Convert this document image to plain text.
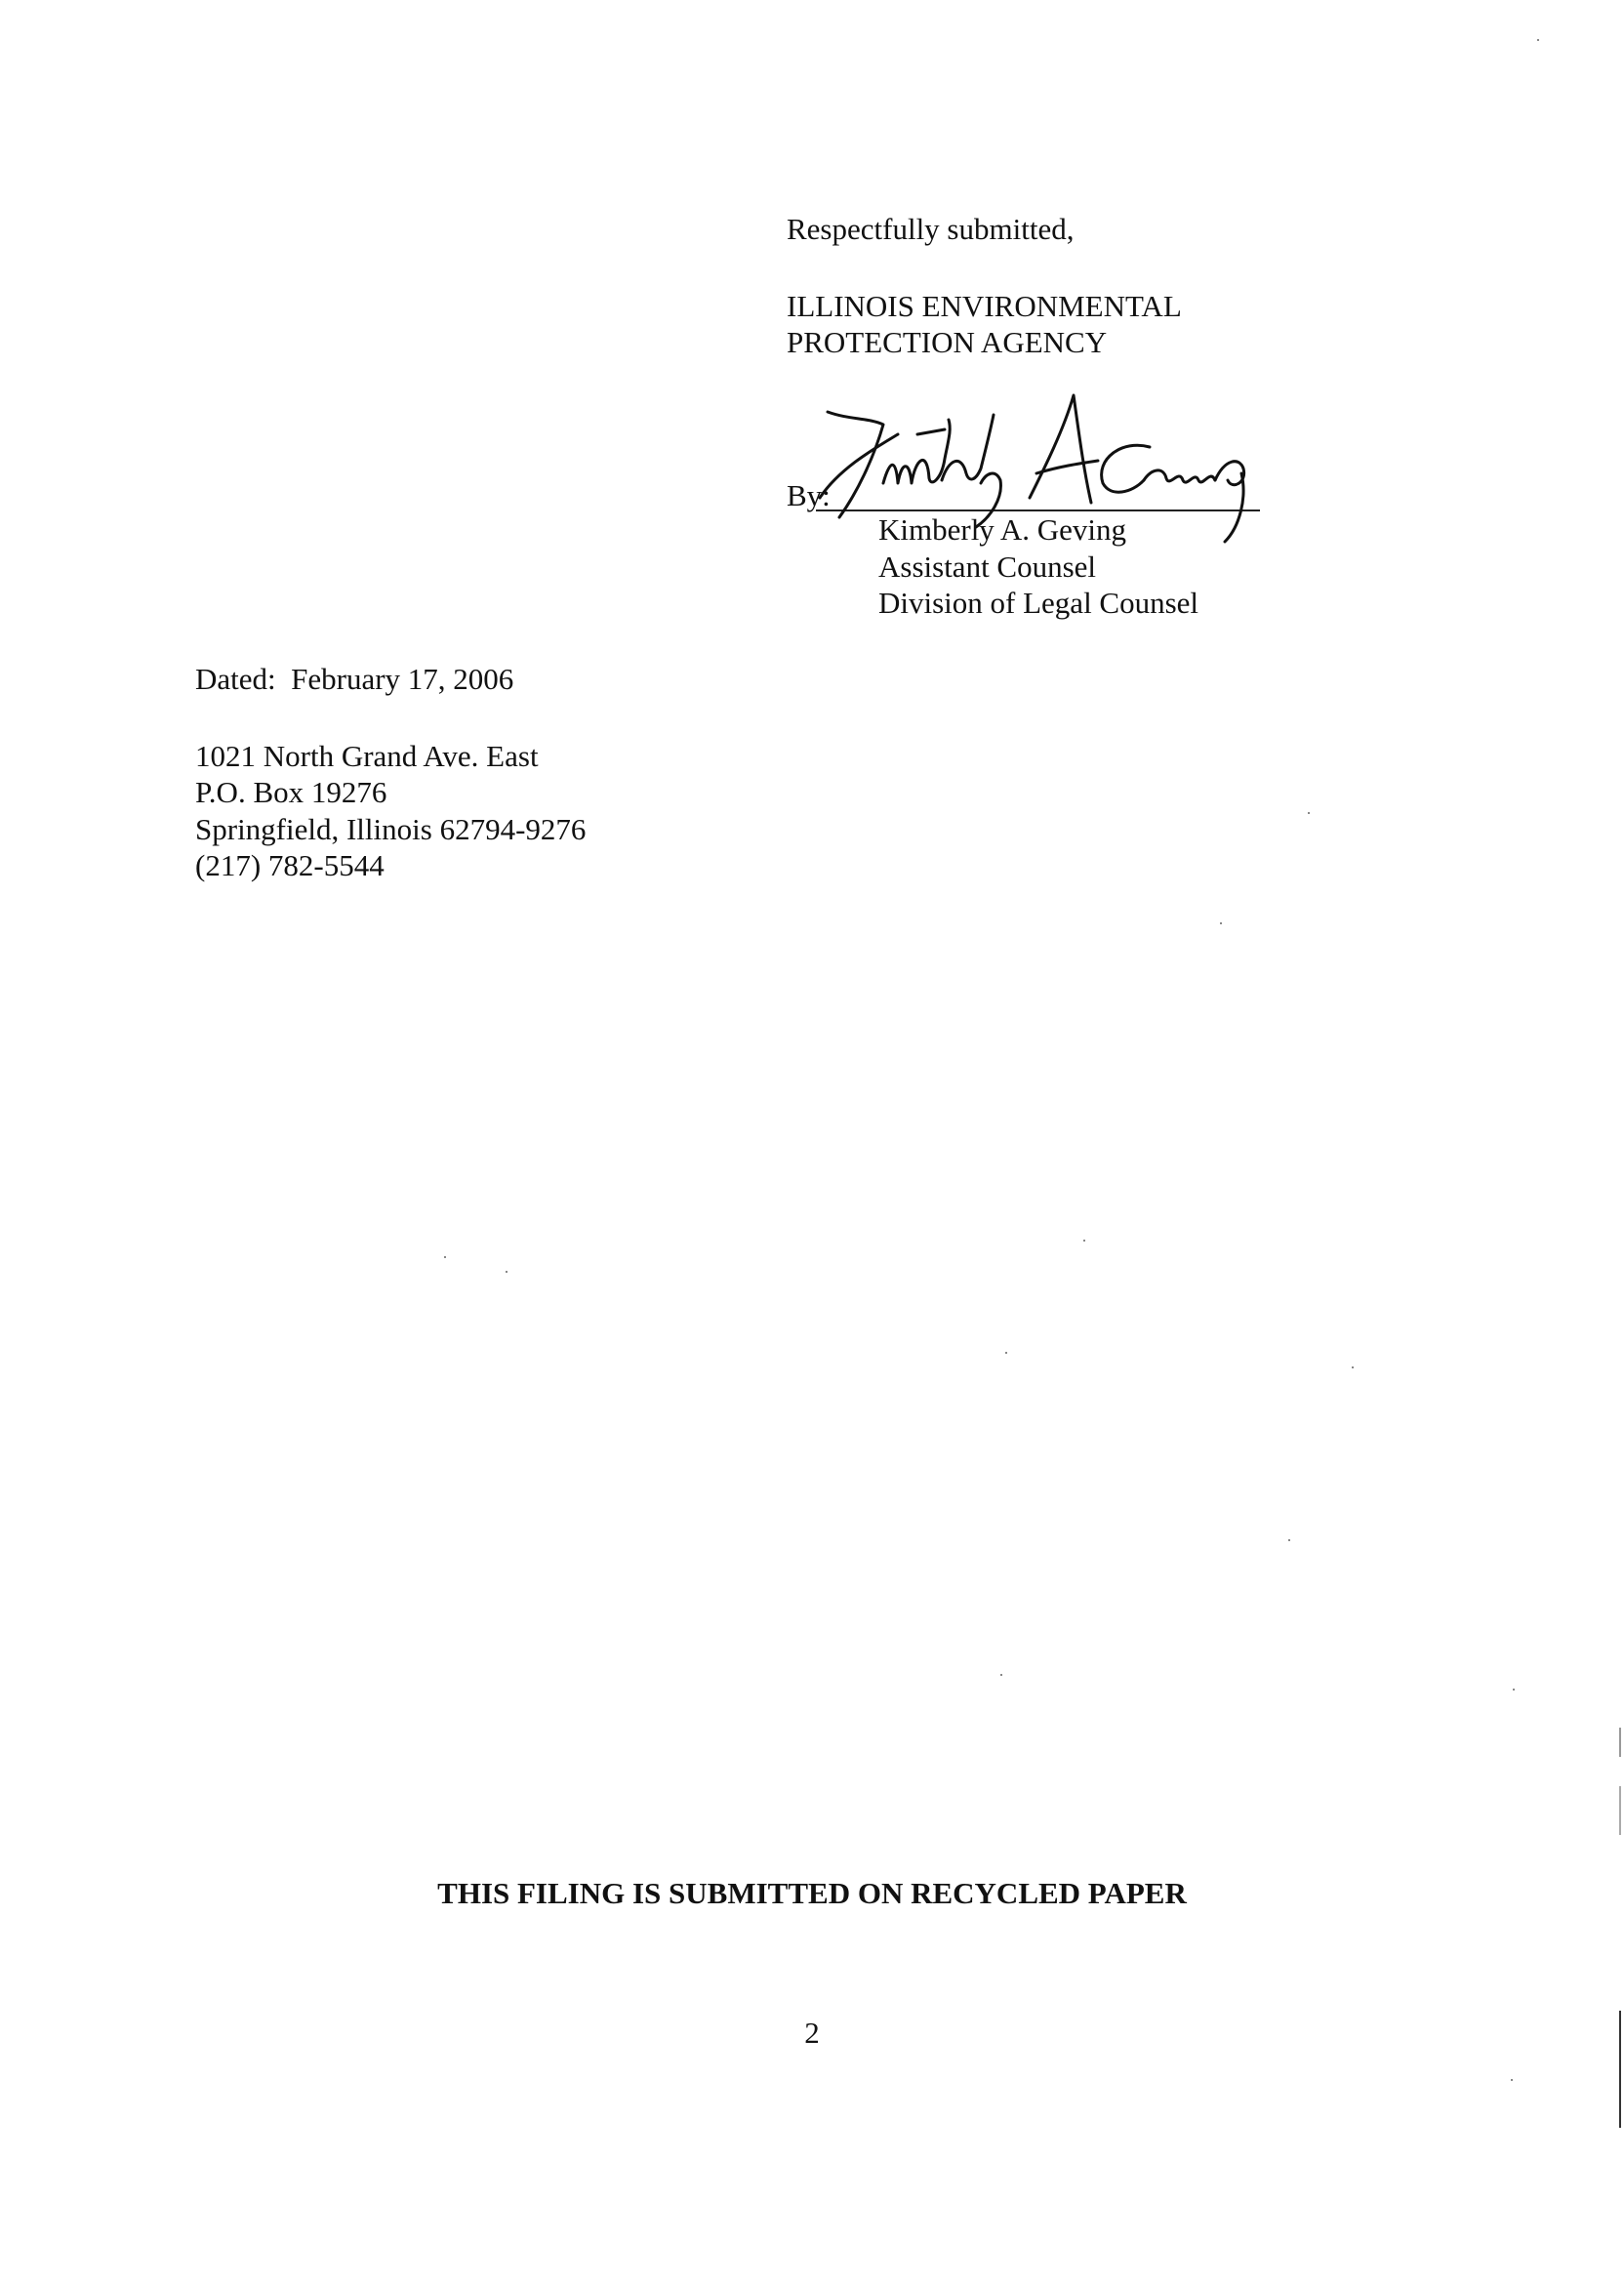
Respectfully submitted,
ILLINOIS ENVIRONMENTAL
PROTECTION AGENCY
By:
Kimberly A. Geving
Assistant Counsel
Division of Legal Counsel
Dated: February 17, 2006
1021 North Grand Ave. East
P.O. Box 19276
Springfield, Illinois 62794-9276
(217) 782-5544
THIS FILING IS SUBMITTED ON RECYCLED PAPER
2
